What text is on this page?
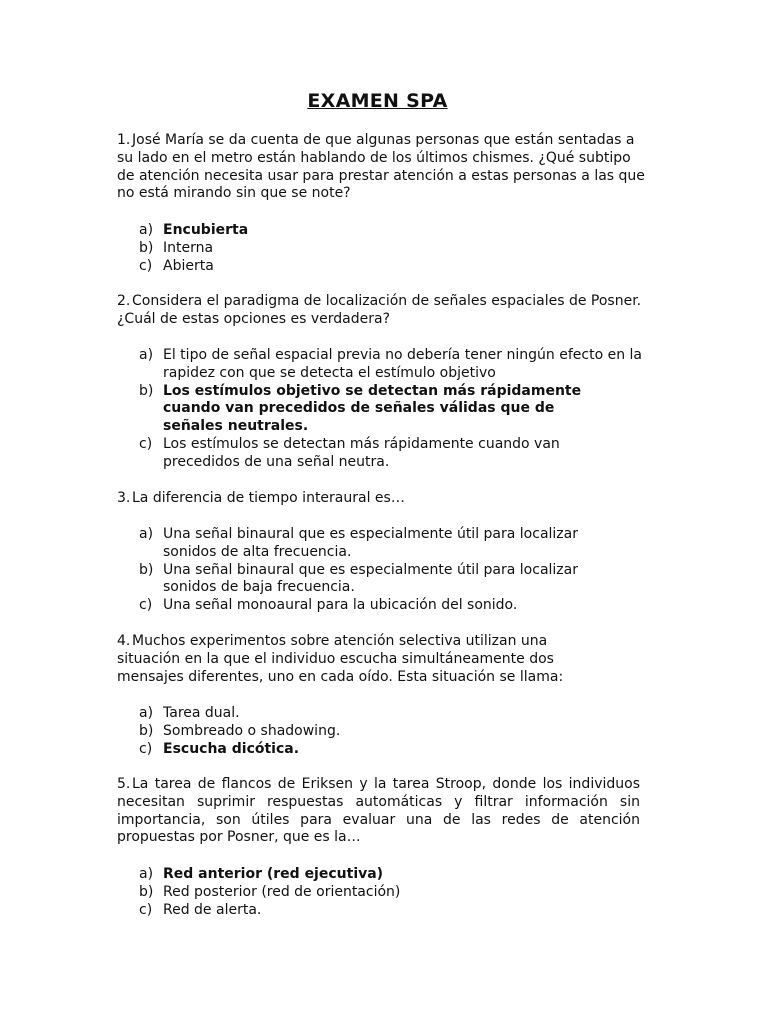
EXAMEN SPA
1. José María se da cuenta de que algunas personas que están sentadas a su lado en el metro están hablando de los últimos chismes. ¿Qué subtipo de atención necesita usar para prestar atención a estas personas a las que no está mirando sin que se note?
a) Encubierta
b) Interna
c) Abierta
2. Considera el paradigma de localización de señales espaciales de Posner. ¿Cuál de estas opciones es verdadera?
a) El tipo de señal espacial previa no debería tener ningún efecto en la rapidez con que se detecta el estímulo objetivo
b) Los estímulos objetivo se detectan más rápidamente cuando van precedidos de señales válidas que de señales neutrales.
c) Los estímulos se detectan más rápidamente cuando van precedidos de una señal neutra.
3. La diferencia de tiempo interaural es…
a) Una señal binaural que es especialmente útil para localizar sonidos de alta frecuencia.
b) Una señal binaural que es especialmente útil para localizar sonidos de baja frecuencia.
c) Una señal monoaural para la ubicación del sonido.
4. Muchos experimentos sobre atención selectiva utilizan una situación en la que el individuo escucha simultáneamente dos mensajes diferentes, uno en cada oído. Esta situación se llama:
a) Tarea dual.
b) Sombreado o shadowing.
c) Escucha dicótica.
5. La tarea de flancos de Eriksen y la tarea Stroop, donde los individuos necesitan suprimir respuestas automáticas y filtrar información sin importancia, son útiles para evaluar una de las redes de atención propuestas por Posner, que es la…
a) Red anterior (red ejecutiva)
b) Red posterior (red de orientación)
c) Red de alerta.
